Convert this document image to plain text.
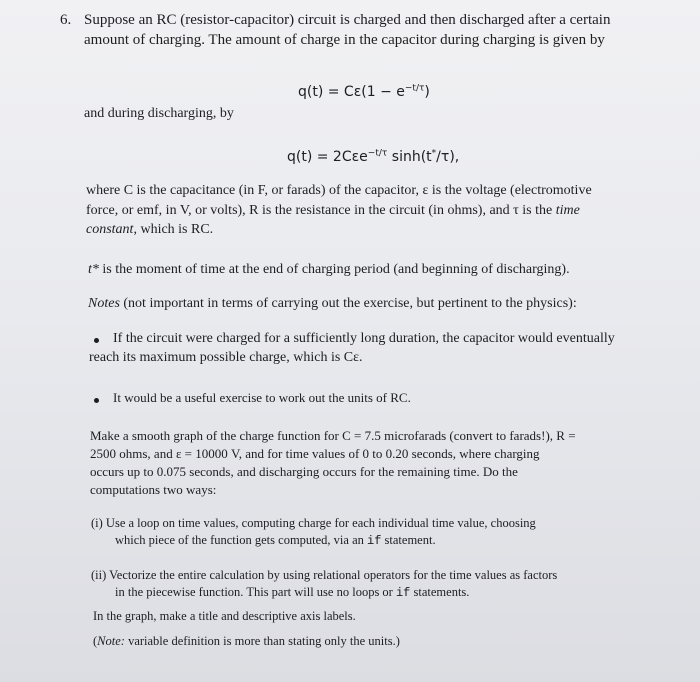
6. Suppose an RC (resistor-capacitor) circuit is charged and then discharged after a certain
amount of charging. The amount of charge in the capacitor during charging is given by
$q(t) = C\varepsilon(1 - e^{-t/\tau})$
and during discharging, by
q(t) = 2Cεe$^{-t/\tau}$ sinh(t*/τ),
where C is the capacitance (in F, or farads) of the capacitor, ε is the voltage (electromotive
force, or emf, in V, or volts), R is the resistance in the circuit (in ohms), and τ is the time
constant, which is RC.
t* is the moment of time at the end of charging period (and beginning of discharging).
Notes (not important in terms of carrying out the exercise, but pertinent to the physics):
If the circuit were charged for a sufficiently long duration, the capacitor would eventually
reach its maximum possible charge, which is Cε.
It would be a useful exercise to work out the units of RC.
Make a smooth graph of the charge function for C = 7.5 microfarads (convert to farads!), R =
2500 ohms, and ε = 10000 V, and for time values of 0 to 0.20 seconds, where charging
occurs up to 0.075 seconds, and discharging occurs for the remaining time. Do the
computations two ways:
(i) Use a loop on time values, computing charge for each individual time value, choosing
which piece of the function gets computed, via an if statement.
(ii) Vectorize the entire calculation by using relational operators for the time values as factors
in the piecewise function. This part will use no loops or if statements.
In the graph, make a title and descriptive axis labels.
(Note: variable definition is more than stating only the units.)
